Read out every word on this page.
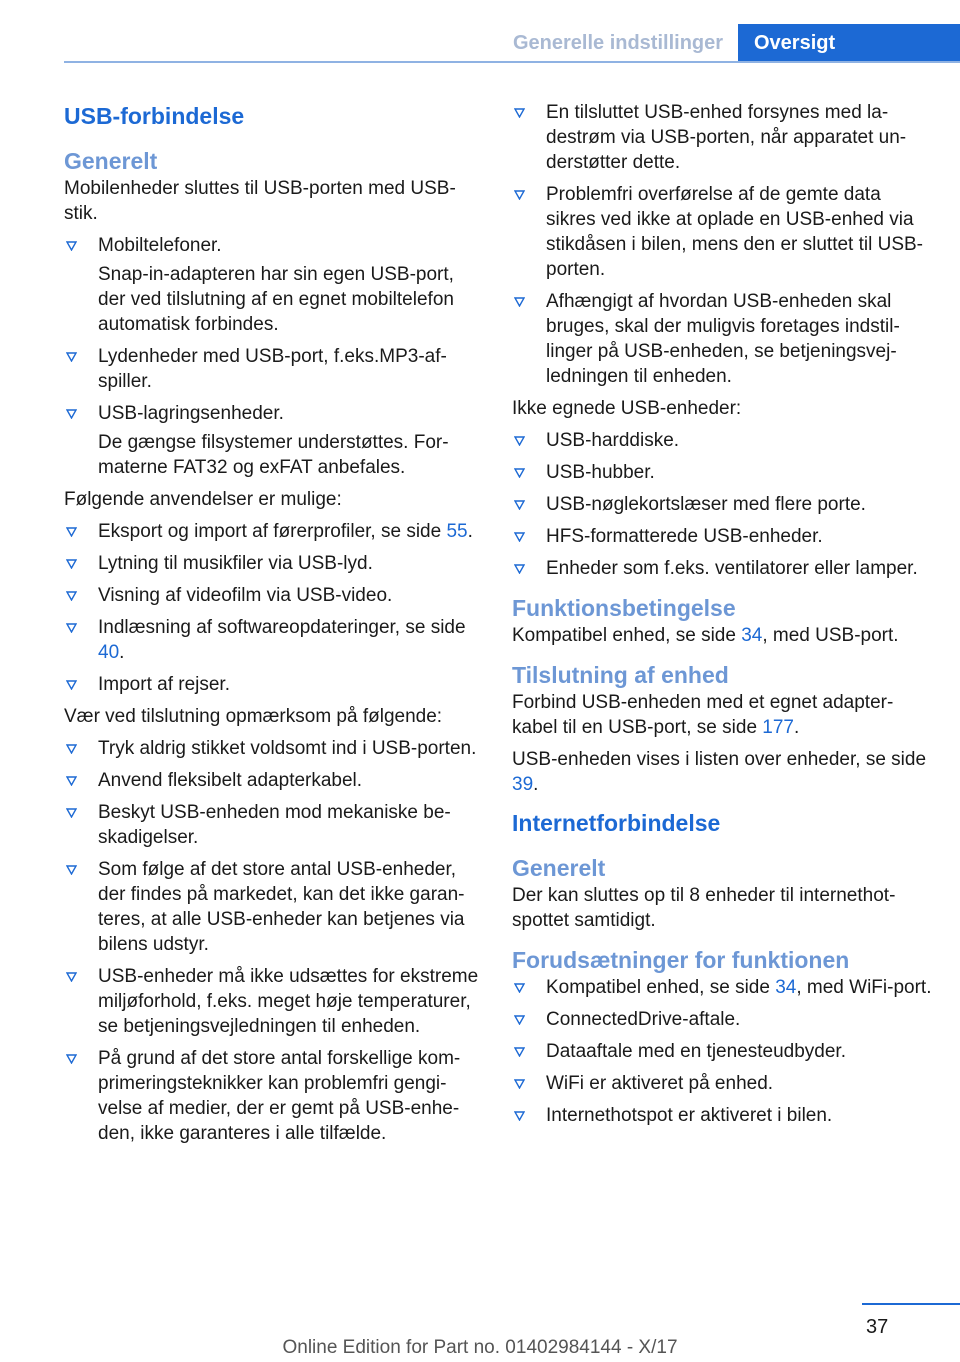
Generelle indstillinger	Oversigt
USB-forbindelse
Generelt

Mobilenheder sluttes til USB-porten med USB-stik.

Mobiltelefoner.

Snap-in-adapteren har sin egen USB-port, der ved tilslutning af en egnet mobiltelefon automatisk forbindes.

Lydenheder med USB-port, f.eks.MP3-afspiller.
USB-lagringsenheder.

De gængse filsystemer understøttes. Formaterne FAT32 og exFAT anbefales.

Følgende anvendelser er mulige:

Eksport og import af førerprofiler, se side 55.
Lytning til musikfiler via USB-lyd.
Visning af videofilm via USB-video.
Indlæsning af softwareopdateringer, se side 40.
Import af rejser.

Vær ved tilslutning opmærksom på følgende:

Tryk aldrig stikket voldsomt ind i USB-porten.
Anvend fleksibelt adapterkabel.
Beskyt USB-enheden mod mekaniske beskadigelser.
Som følge af det store antal USB-enheder, der findes på markedet, kan det ikke garanteres, at alle USB-enheder kan betjenes via bilens udstyr.
USB-enheder må ikke udsættes for ekstreme miljøforhold, f.eks. meget høje temperaturer, se betjeningsvejledningen til enheden.
På grund af det store antal forskellige komprimeringsteknikker kan problemfri gengivelse af medier, der er gemt på USB-enheden, ikke garanteres i alle tilfælde.
En tilsluttet USB-enhed forsynes med ladestrøm via USB-porten, når apparatet understøtter dette.
Problemfri overførelse af de gemte data sikres ved ikke at oplade en USB-enhed via stikdåsen i bilen, mens den er sluttet til USB-porten.
Afhængigt af hvordan USB-enheden skal bruges, skal der muligvis foretages indstillinger på USB-enheden, se betjeningsvejledningen til enheden.

Ikke egnede USB-enheder:

USB-harddiske.
USB-hubber.
USB-nøglekortslæser med flere porte.
HFS-formatterede USB-enheder.
Enheder som f.eks. ventilatorer eller lamper.
Funktionsbetingelse

Kompatibel enhed, se side 34, med USB-port.

Tilslutning af enhed

Forbind USB-enheden med et egnet adapterkabel til en USB-port, se side 177.

USB-enheden vises i listen over enheder, se side 39.

Internetforbindelse
Generelt

Der kan sluttes op til 8 enheder til internethotspottet samtidigt.

Forudsætninger for funktionen
Kompatibel enhed, se side 34, med WiFi-port.
ConnectedDrive-aftale.
Dataaftale med en tjenesteudbyder.
WiFi er aktiveret på enhed.
Internethotspot er aktiveret i bilen.
37
Online Edition for Part no. 01402984144 - X/17
